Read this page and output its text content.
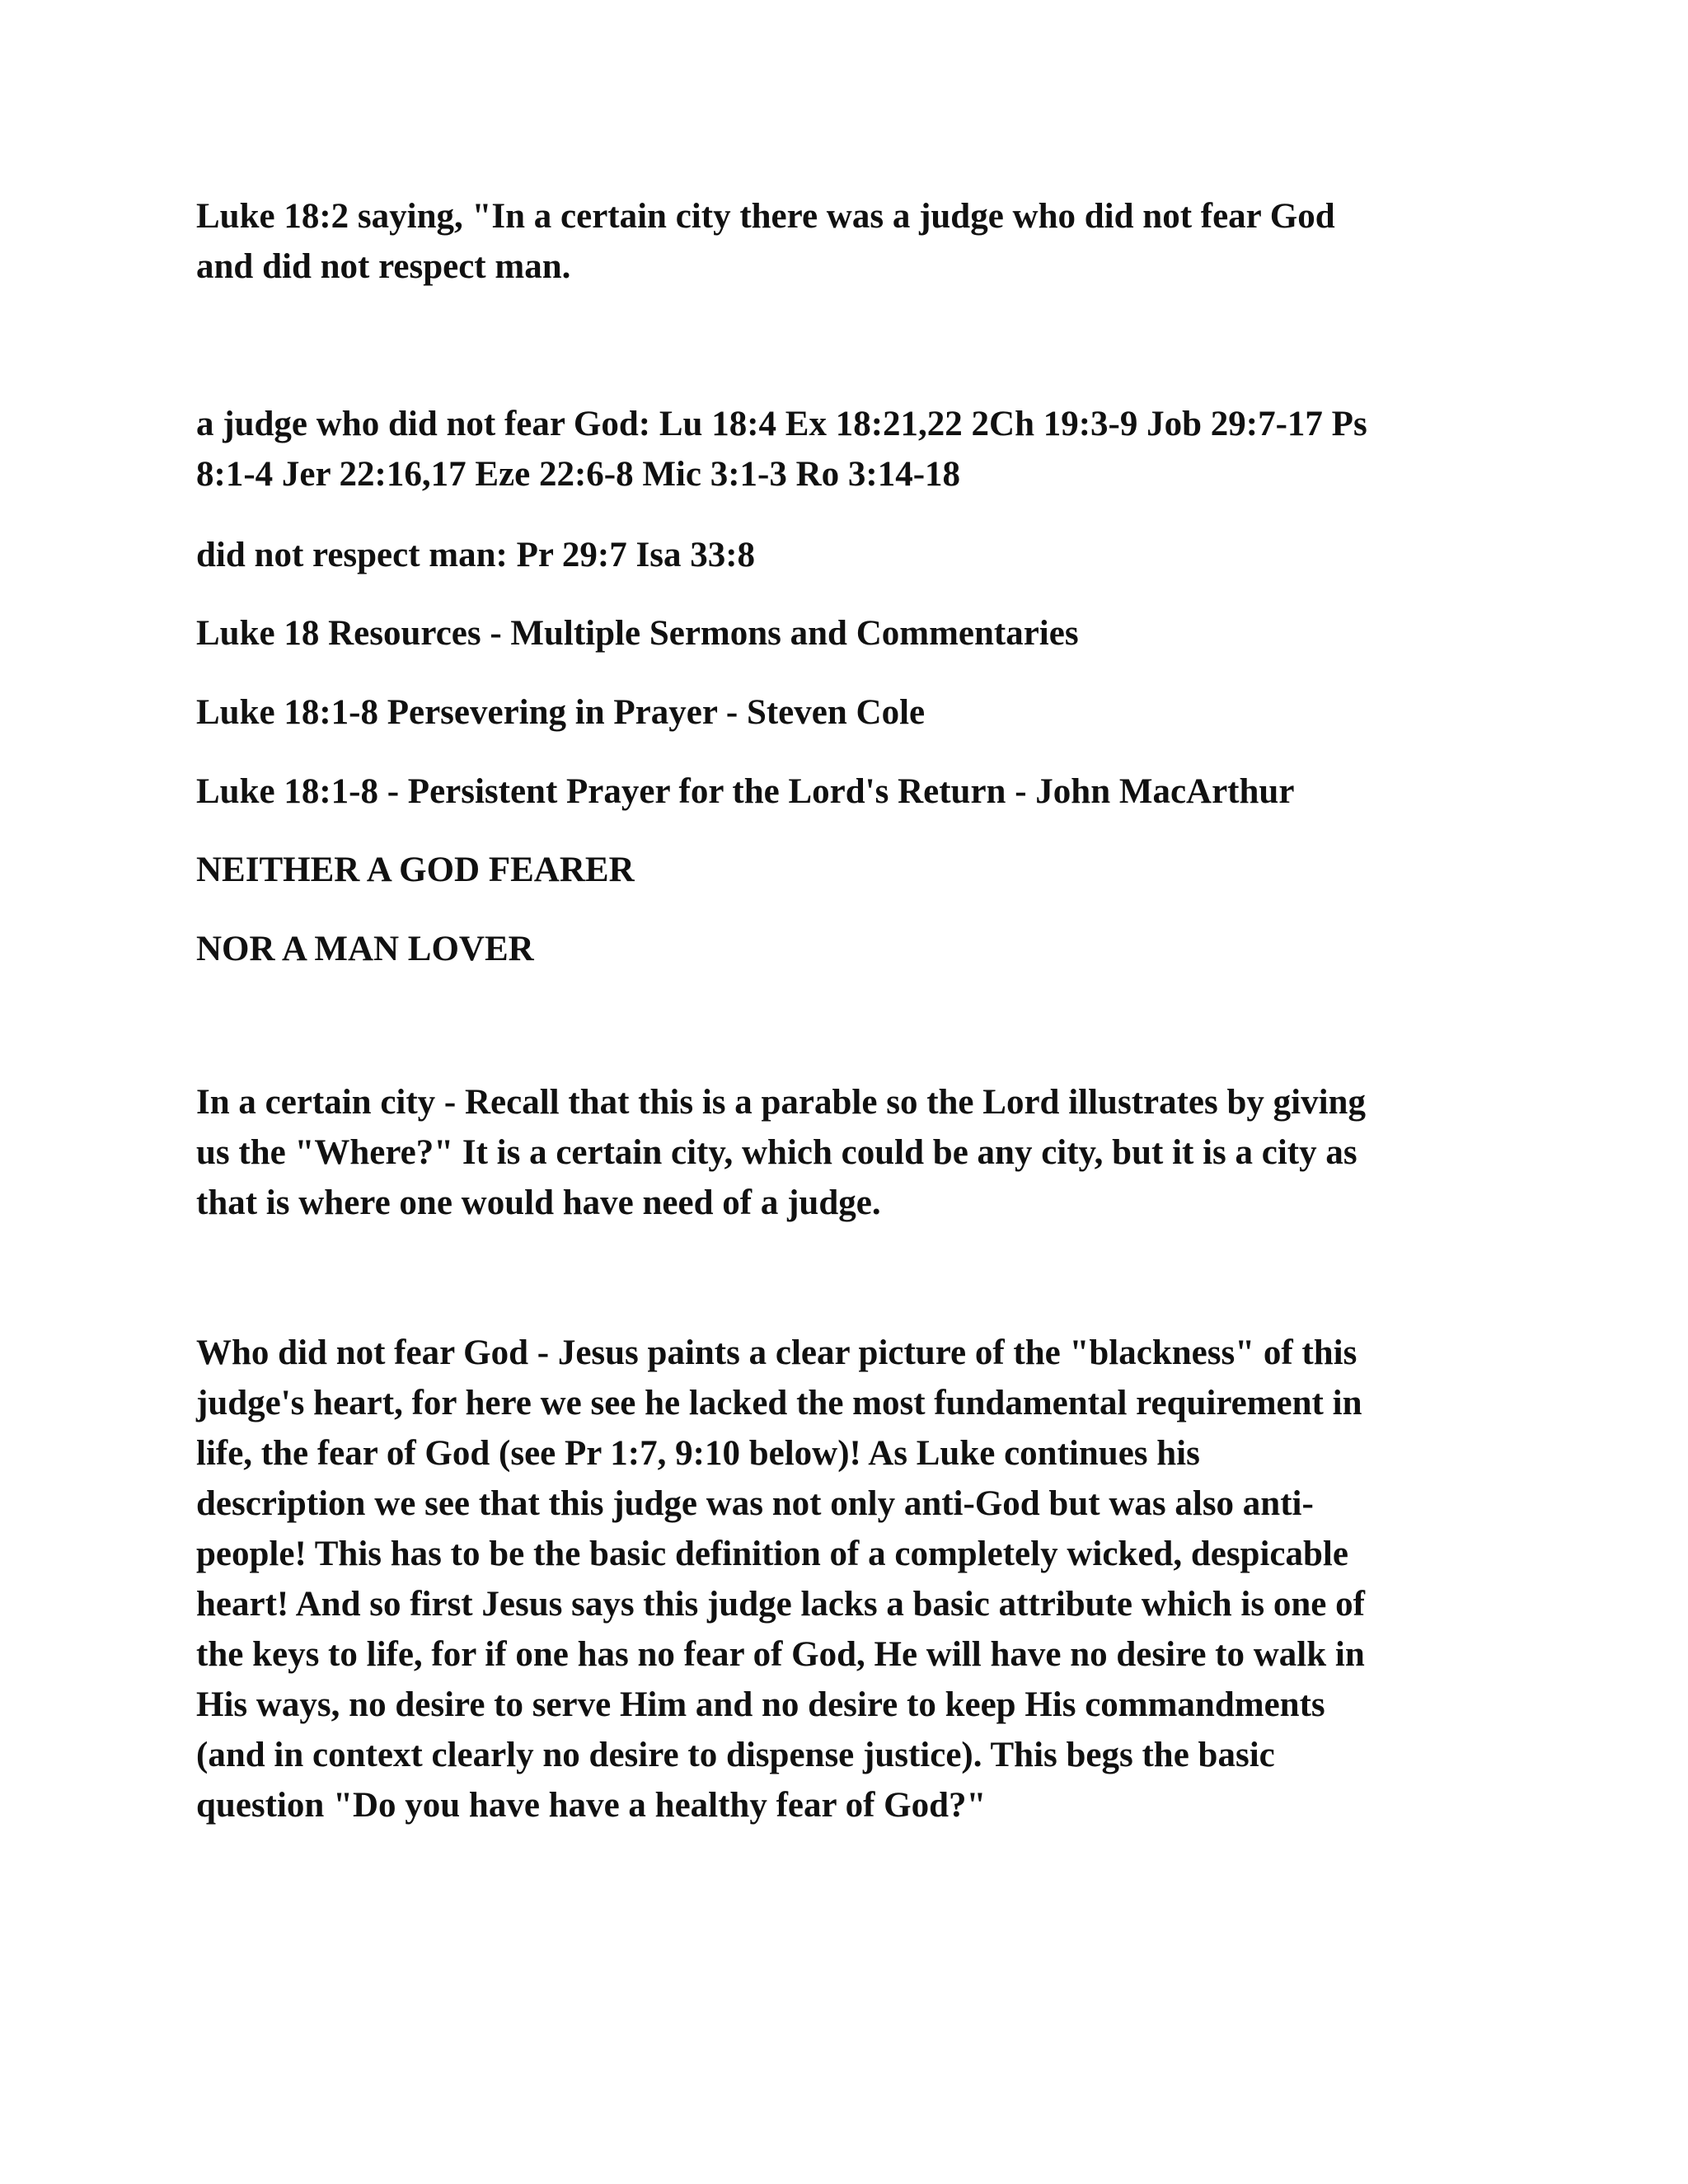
Luke 18:2 saying, "In a certain city there was a judge who did not fear God
and did not respect man.

a judge who did not fear God: Lu 18:4 Ex 18:21,22 2Ch 19:3-9 Job 29:7-17 Ps
8:1-4 Jer 22:16,17 Eze 22:6-8 Mic 3:1-3 Ro 3:14-18

did not respect man: Pr 29:7 Isa 33:8

Luke 18 Resources - Multiple Sermons and Commentaries

Luke 18:1-8 Persevering in Prayer - Steven Cole

Luke 18:1-8 - Persistent Prayer for the Lord's Return - John MacArthur

NEITHER A GOD FEARER

NOR A MAN LOVER

In a certain city - Recall that this is a parable so the Lord illustrates by giving
us the "Where?" It is a certain city, which could be any city, but it is a city as
that is where one would have need of a judge.

Who did not fear God - Jesus paints a clear picture of the "blackness" of this
judge's heart, for here we see he lacked the most fundamental requirement in
life, the fear of God (see Pr 1:7, 9:10 below)! As Luke continues his
description we see that this judge was not only anti-God but was also anti-
people! This has to be the basic definition of a completely wicked, despicable
heart! And so first Jesus says this judge lacks a basic attribute which is one of
the keys to life, for if one has no fear of God, He will have no desire to walk in
His ways, no desire to serve Him and no desire to keep His commandments
(and in context clearly no desire to dispense justice). This begs the basic
question "Do you have have a healthy fear of God?"
